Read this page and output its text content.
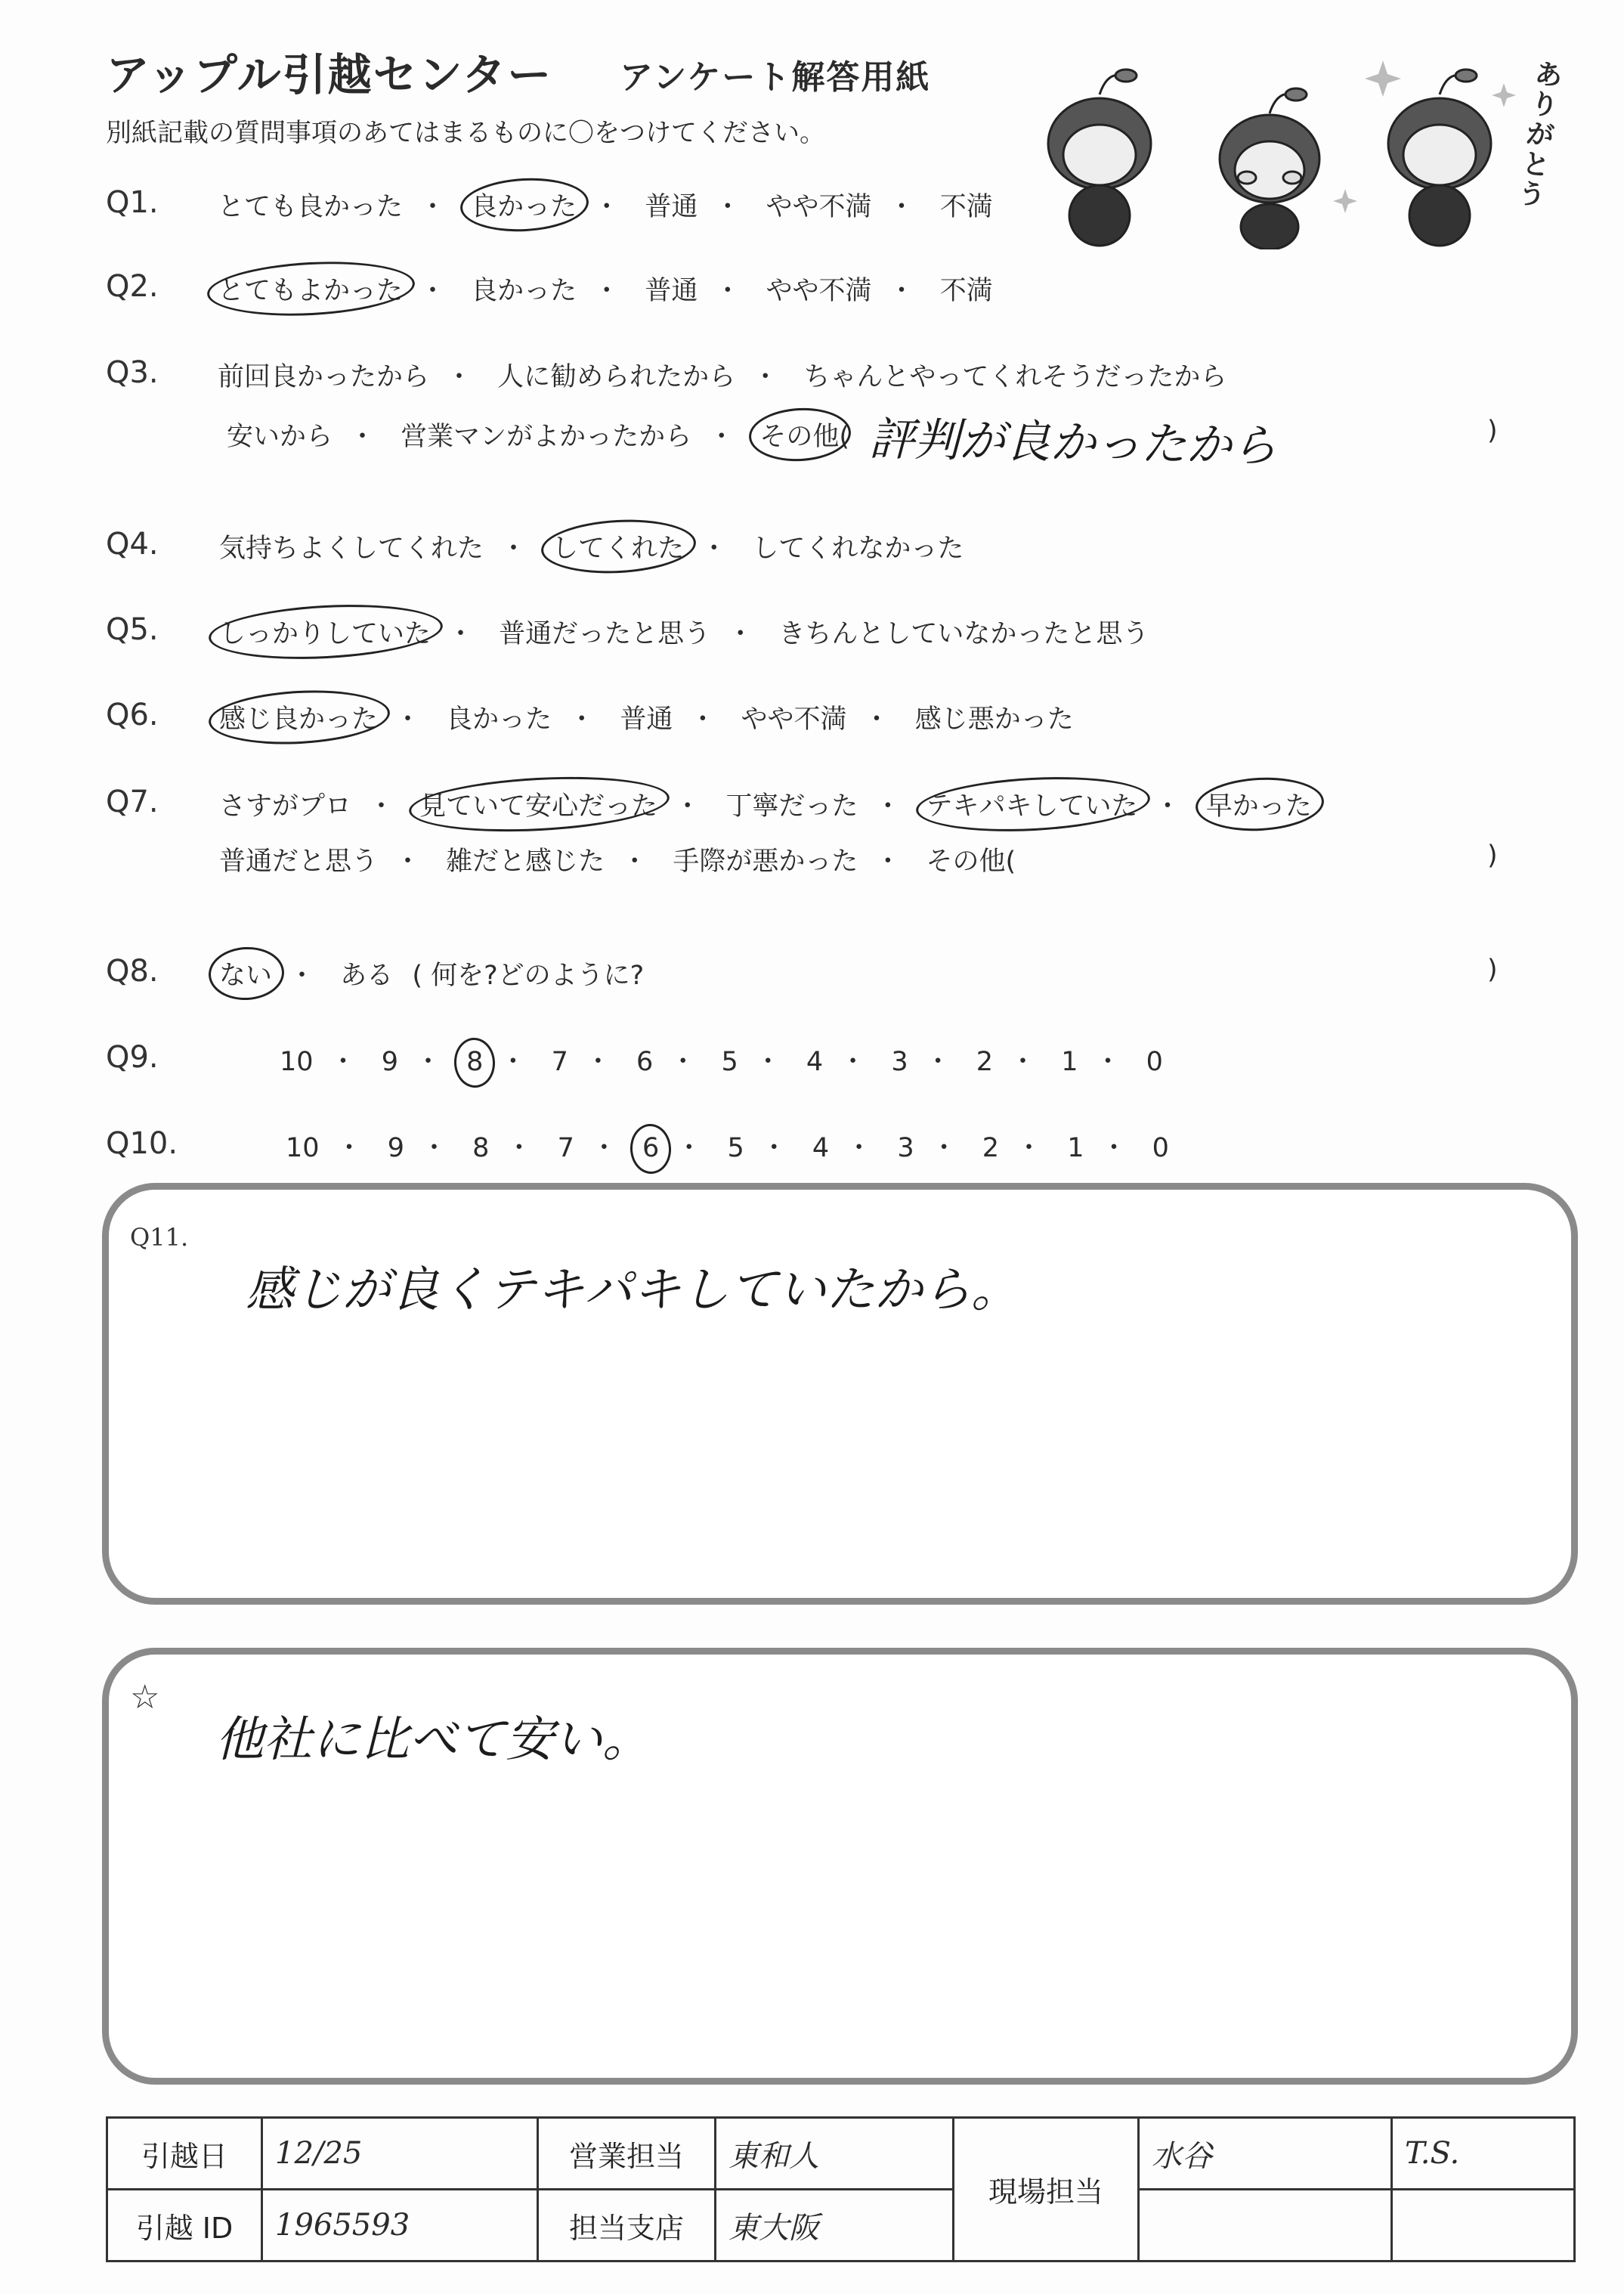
アップル引越センター アンケート解答用紙
別紙記載の質問事項のあてはまるものに〇をつけてください。
ありがとう
Q1. とても良かった ・ 良かった ・ 普通 ・ やや不満 ・ 不満
Q2. とてもよかった ・ 良かった ・ 普通 ・ やや不満 ・ 不満
Q3. 前回良かったから ・ 人に勧められたから ・ ちゃんとやってくれそうだったから
安いから ・ 営業マンがよかったから ・ その他( 評判が良かったから	)
Q4. 気持ちよくしてくれた ・ してくれた ・ してくれなかった
Q5. しっかりしていた ・ 普通だったと思う ・ きちんとしていなかったと思う
Q6. 感じ良かった ・ 良かった ・ 普通 ・ やや不満 ・ 感じ悪かった
Q7. さすがプロ ・ 見ていて安心だった ・ 丁寧だった ・ テキパキしていた ・ 早かった
普通だと思う ・ 雑だと感じた ・ 手際が悪かった ・ その他(	)
Q8. ない ・ ある ( 何を?どのように?	)
Q9.	10 ・ 9 ・ 8 ・ 7 ・ 6 ・ 5 ・ 4 ・ 3 ・ 2 ・ 1 ・ 0
Q10.	10 ・ 9 ・ 8 ・ 7 ・ 6 ・ 5 ・ 4 ・ 3 ・ 2 ・ 1 ・ 0
Q11.
感じが良くテキパキしていたから。
☆
他社に比べて安い。
引越日	12/25	営業担当	東和人	現場担当	水谷	T.S.
引越 ID	1965593	担当支店	東大阪			
